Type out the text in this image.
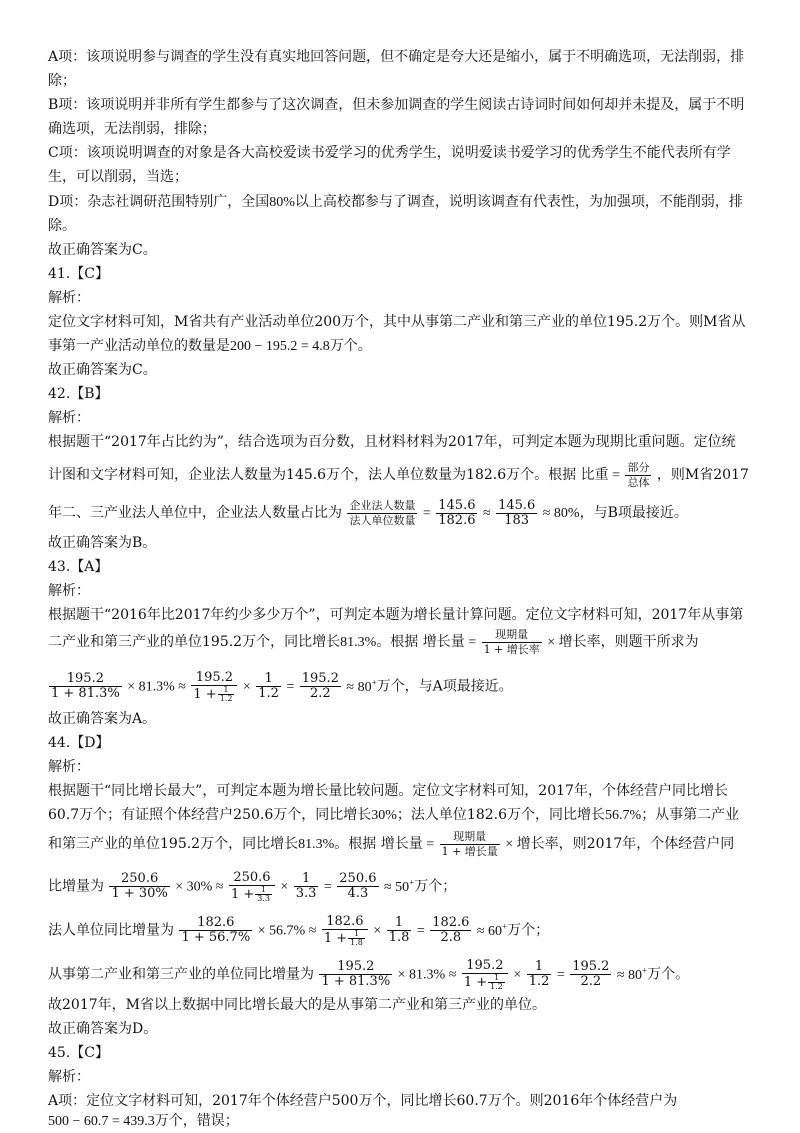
A项：该项说明参与调查的学生没有真实地回答问题，但不确定是夸大还是缩小，属于不明确选项，无法削弱，排
除；
B项：该项说明并非所有学生都参与了这次调查，但未参加调查的学生阅读古诗词时间如何却并未提及，属于不明
确选项，无法削弱，排除；
C项：该项说明调查的对象是各大高校爱读书爱学习的优秀学生，说明爱读书爱学习的优秀学生不能代表所有学
生，可以削弱，当选；
D项：杂志社调研范围特别广，全国80%以上高校都参与了调查，说明该调查有代表性，为加强项，不能削弱，排
除。
故正确答案为C。
41.【C】
解析：
定位文字材料可知，M省共有产业活动单位200万个，其中从事第二产业和第三产业的单位195.2万个。则M省从
事第一产业活动单位的数量是200 − 195.2 = 4.8万个。
故正确答案为C。
42.【B】
解析：
根据题干“2017年占比约为”，结合选项为百分数，且材料材料为2017年，可判定本题为现期比重问题。定位统
计图和文字材料可知，企业法人数量为145.6万个，法人单位数量为182.6万个。根据 比重 =
部分
总体 ，则M省2017
年二、三产业法人单位中，企业法人数量占比为 企业法人数量
法人单位数量 = $\frac{145.6}{182.6} \approx \frac{145.6}{183} \approx 80\%$，与B项最接近。
故正确答案为B。
43.【A】
解析：
根据题干“2016年比2017年约少多少万个”，可判定本题为增长量计算问题。定位文字材料可知，2017年从事第
二产业和第三产业的单位195.2万个，同比增长81.3%。根据 增长量 =
现期量
1 + 增长率 × 增长率，则题干所求为
$\frac{195.2}{1 + 81.3\%} \times 81.3\% \approx \frac{195.2}{1 + \frac{1}{1.2}} \times \frac{1}{1.2} = \frac{195.2}{2.2} \approx 80^+$万个，与A项最接近。
故正确答案为A。
44.【D】
解析：
根据题干“同比增长最大”，可判定本题为增长量比较问题。定位文字材料可知，2017年，个体经营户同比增长
60.7万个；有证照个体经营户250.6万个，同比增长30%；法人单位182.6万个，同比增长56.7%；从事第二产业
和第三产业的单位195.2万个，同比增长81.3%。根据 增长量 =
现期量
1 + 增长量 × 增长率，则2017年，个体经营户同
比增量为 $\frac{250.6}{1 + 30\%} \times 30\% \approx \frac{250.6}{1 + \frac{1}{3.3}} \times \frac{1}{3.3} = \frac{250.6}{4.3} \approx 50^+$万个；
法人单位同比增量为 $\frac{182.6}{1 + 56.7\%} \times 56.7\% \approx \frac{182.6}{1 + \frac{1}{1.8}} \times \frac{1}{1.8} = \frac{182.6}{2.8} \approx 60^+$万个；
从事第二产业和第三产业的单位同比增量为 $\frac{195.2}{1 + 81.3\%} \times 81.3\% \approx \frac{195.2}{1 + \frac{1}{1.2}} \times \frac{1}{1.2} = \frac{195.2}{2.2} \approx 80^+$万个。
故2017年，M省以上数据中同比增长最大的是从事第二产业和第三产业的单位。
故正确答案为D。
45.【C】
解析：
A项：定位文字材料可知，2017年个体经营户500万个，同比增长60.7万个。则2016年个体经营户为
500 − 60.7 = 439.3万个，错误；
